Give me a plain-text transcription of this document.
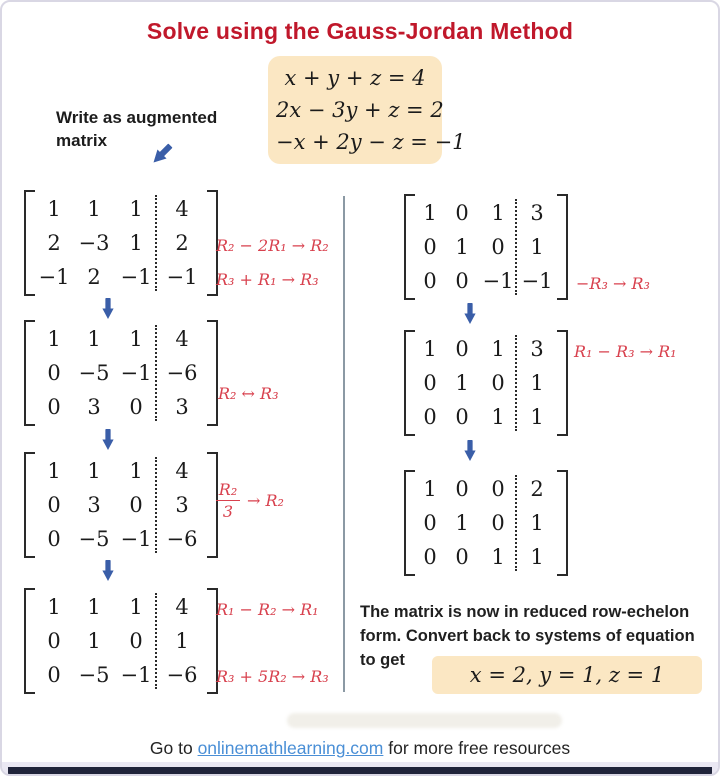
Solve using the Gauss-Jordan Method
x + y + z = 4
2x − 3y + z = 2
−x + 2y − z = −1
Write as augmented
matrix
1	1	1	4
2 −3 1	2
−1 2 −1 −1
R₂ − 2R₁ → R₂
R₃ + R₁ → R₃
1	1	1	4
0 −5 −1 −6
0	3	0	3
R₂ ↔ R₃
1	1	1	4
0	3	0	3
0 −5 −1 −6
$\frac{\text{R₂}}{3} \to R_2$
1	1	1	4
0	1	0	1
0 −5 −1 −6
R₁ − R₂ → R₁
R₃ + 5R₂ → R₃
1 0	1	3
0 1	0	1
0 0 −1 −1 −R₃ → R₃
1 0	1	3
0 1	0	1
0 0	1	1
R₁ − R₃ → R₁
1 0	0	2
0 1	0	1
0 0	1	1
The matrix is now in reduced row-echelon
form. Convert back to systems of equation
to get
x = 2, y = 1, z = 1
Go to onlinemathlearning.com for more free resources
